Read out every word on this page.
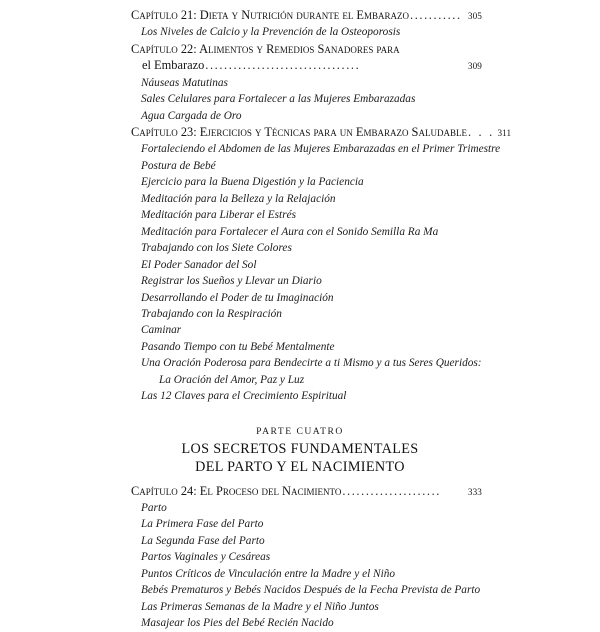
Capítulo 21: Dieta y Nutrición durante el Embarazo ........... 305
Los Niveles de Calcio y la Prevención de la Osteoporosis
Capítulo 22: Alimentos y Remedios Sanadores para
el Embarazo .................................	309
Náuseas Matutinas
Sales Celulares para Fortalecer a las Mujeres Embarazadas
Agua Cargada de Oro
Capítulo 23: Ejercicios y Técnicas para un Embarazo Saludable . . . 311
Fortaleciendo el Abdomen de las Mujeres Embarazadas en el Primer Trimestre
Postura de Bebé
Ejercicio para la Buena Digestión y la Paciencia
Meditación para la Belleza y la Relajación
Meditación para Liberar el Estrés
Meditación para Fortalecer el Aura con el Sonido Semilla Ra Ma
Trabajando con los Siete Colores
El Poder Sanador del Sol
Registrar los Sueños y Llevar un Diario
Desarrollando el Poder de tu Imaginación
Trabajando con la Respiración
Caminar
Pasando Tiempo con tu Bebé Mentalmente
Una Oración Poderosa para Bendecirte a ti Mismo y a tus Seres Queridos:
La Oración del Amor, Paz y Luz
Las 12 Claves para el Crecimiento Espiritual
PARTE CUATRO
LOS SECRETOS FUNDAMENTALES
DEL PARTO Y EL NACIMIENTO
Capítulo 24: El Proceso del Nacimiento .....................	333
Parto
La Primera Fase del Parto
La Segunda Fase del Parto
Partos Vaginales y Cesáreas
Puntos Críticos de Vinculación entre la Madre y el Niño
Bebés Prematuros y Bebés Nacidos Después de la Fecha Prevista de Parto
Las Primeras Semanas de la Madre y el Niño Juntos
Masajear los Pies del Bebé Recién Nacido
